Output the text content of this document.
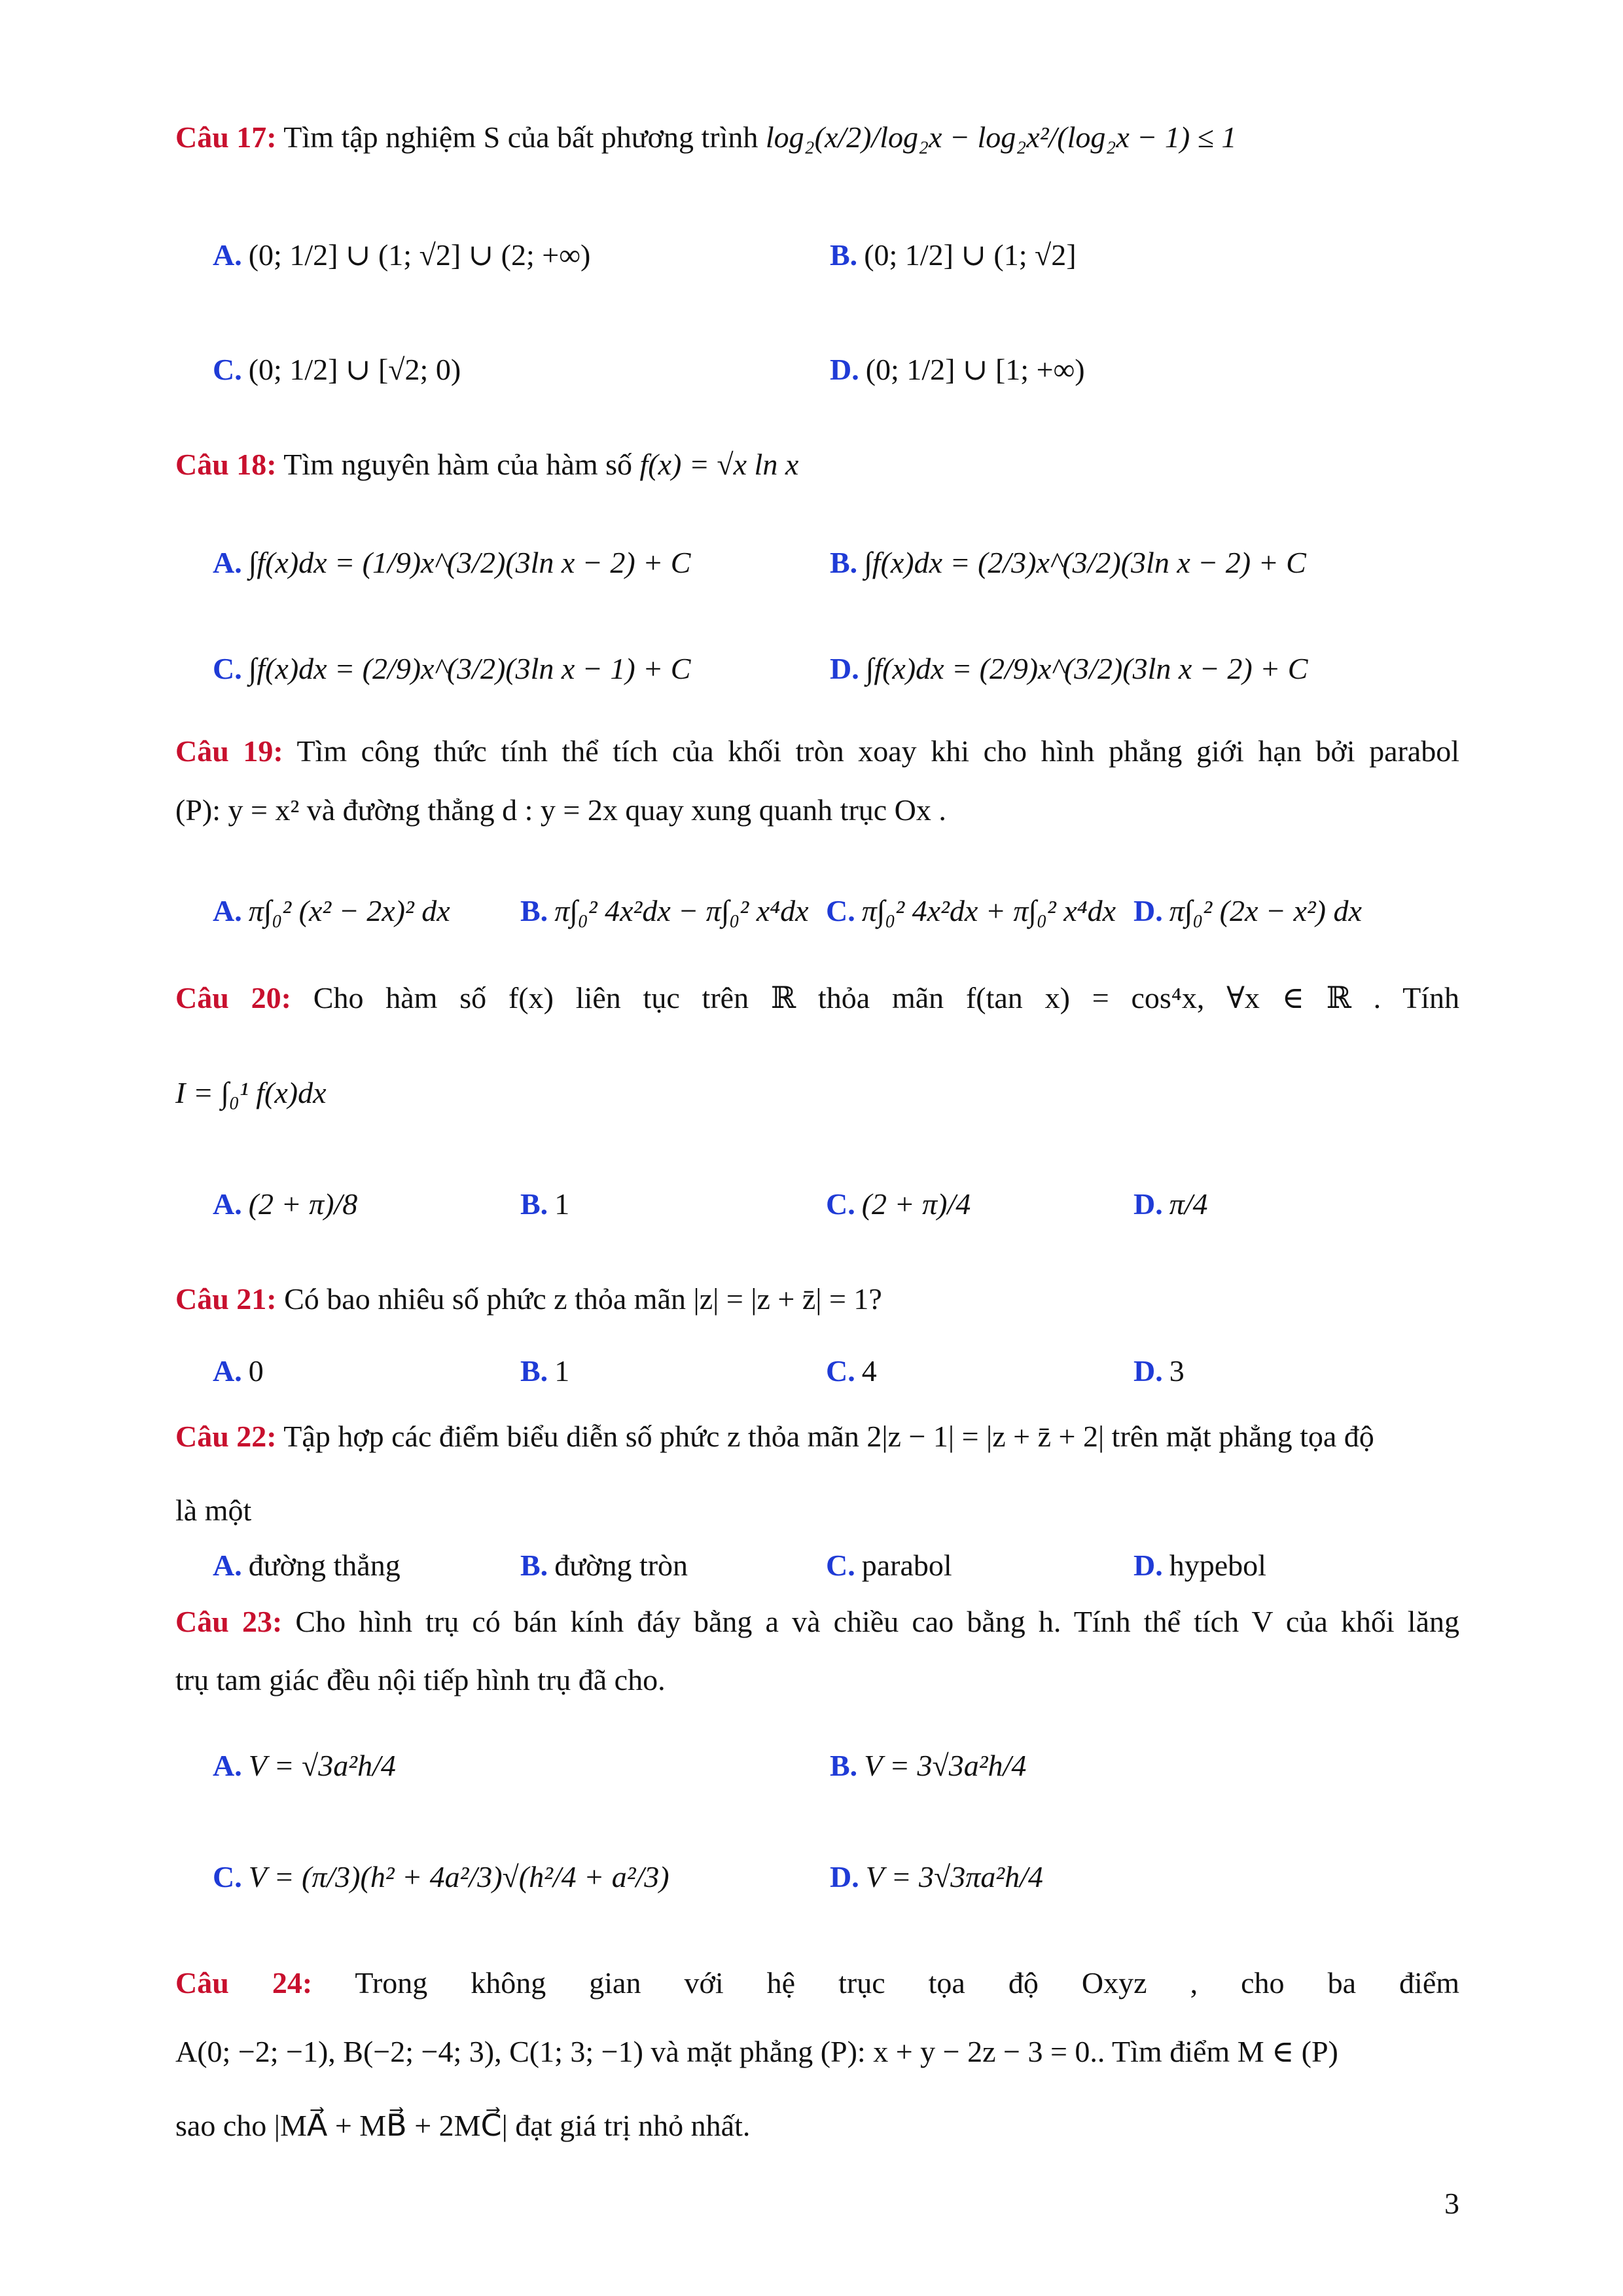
Câu 17: Tìm tập nghiệm S của bất phương trình log₂(x/2)/log₂x − log₂x²/(log₂x − 1) ≤ 1
A. (0; 1/2] ∪ (1; √2] ∪ (2; +∞)	B. (0; 1/2] ∪ (1; √2]
C. (0; 1/2] ∪ [√2; 0)	D. (0; 1/2] ∪ [1; +∞)
Câu 18: Tìm nguyên hàm của hàm số f(x) = √x ln x
A. ∫f(x)dx = (1/9)x^(3/2)(3ln x − 2) + C	B. ∫f(x)dx = (2/3)x^(3/2)(3ln x − 2) + C
C. ∫f(x)dx = (2/9)x^(3/2)(3ln x − 1) + C	D. ∫f(x)dx = (2/9)x^(3/2)(3ln x − 2) + C
Câu 19: Tìm công thức tính thể tích của khối tròn xoay khi cho hình phẳng giới hạn bởi parabol
(P): y = x² và đường thẳng d : y = 2x quay xung quanh trục Ox .
A. π∫₀² (x² − 2x)² dx B. π∫₀² 4x²dx − π∫₀² x⁴dx C. π∫₀² 4x²dx + π∫₀² x⁴dx D. π∫₀² (2x − x²) dx
Câu 20: Cho hàm số f(x) liên tục trên ℝ thỏa mãn f(tan x) = cos⁴x, ∀x ∈ ℝ . Tính
I = ∫₀¹ f(x)dx
A. (2 + π)/8	B. 1	C. (2 + π)/4	D. π/4
Câu 21: Có bao nhiêu số phức z thỏa mãn |z| = |z + z̄| = 1?
A. 0	B. 1	C. 4	D. 3
Câu 22: Tập hợp các điểm biểu diễn số phức z thỏa mãn 2|z − 1| = |z + z̄ + 2| trên mặt phẳng tọa độ
là một
A. đường thẳng	B. đường tròn	C. parabol	D. hypebol
Câu 23: Cho hình trụ có bán kính đáy bằng a và chiều cao bằng h. Tính thể tích V của khối lăng
trụ tam giác đều nội tiếp hình trụ đã cho.
A. V = √3a²h/4	B. V = 3√3a²h/4
C. V = (π/3)(h² + 4a²/3)√(h²/4 + a²/3)	D. V = 3√3πa²h/4
Câu 24: Trong không gian với hệ trục tọa độ Oxyz , cho ba điểm
A(0; −2; −1), B(−2; −4; 3), C(1; 3; −1) và mặt phẳng (P): x + y − 2z − 3 = 0.. Tìm điểm M ∈ (P)
sao cho |MA⃗ + MB⃗ + 2MC⃗| đạt giá trị nhỏ nhất.
3
